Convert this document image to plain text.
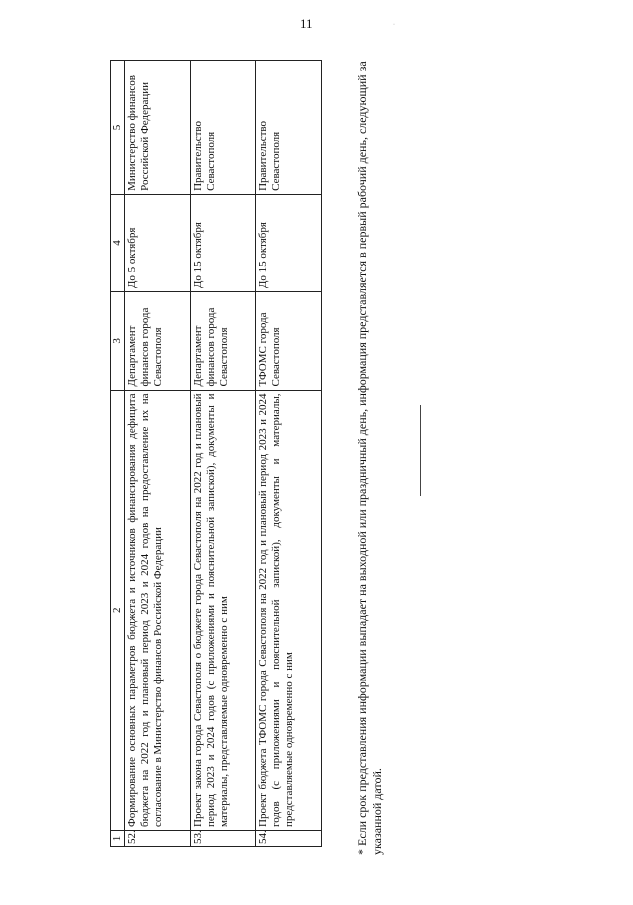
11	·
1	2	3	4	5
52.	Формирование основных параметров бюджета и источников финансирования дефицита бюджета на 2022 год и плановый период 2023 и 2024 годов на предоставление их на согласование в Министерство финансов Российской Федерации	Департамент финансов города Севастополя	До 5 октября	Министерство финансов Российской Федерации
53.	Проект закона города Севастополя о бюджете города Севастополя на 2022 год и плановый период 2023 и 2024 годов (с приложениями и пояснительной запиской), документы и материалы, представляемые одновременно с ним	Департамент финансов города Севастополя	До 15 октября	Правительство Севастополя
54.	Проект бюджета ТФОМС города Севастополя на 2022 год и плановый период 2023 и 2024 годов (с приложениями и пояснительной запиской), документы и материалы, представляемые одновременно с ним	ТФОМС города Севастополя	До 15 октября	Правительство Севастополя	* Если срок представления информации выпадает на выходной или праздничный день, информация представляется в первый рабочий день, следующий за указанной датой.
